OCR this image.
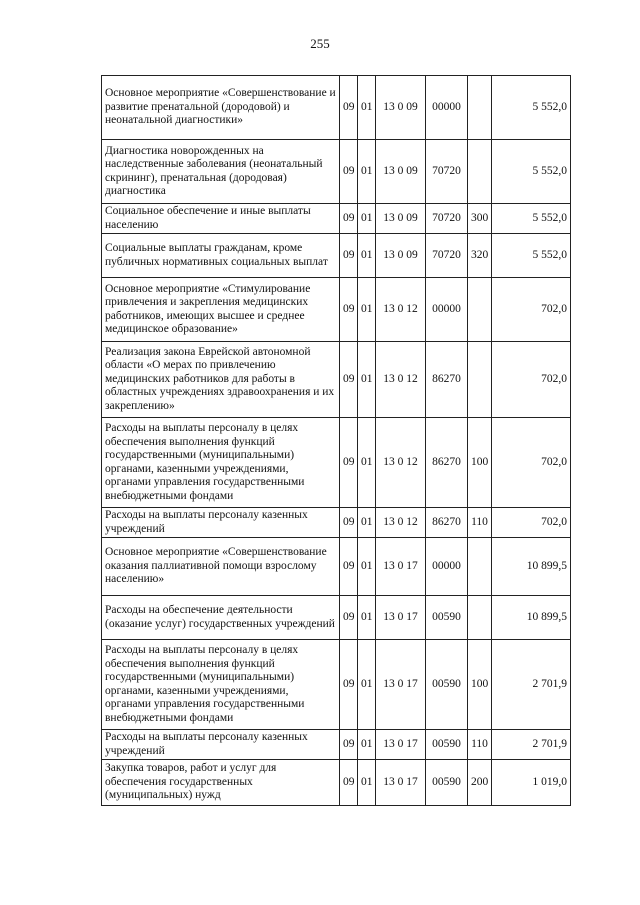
255
Основное мероприятие «Совершенствование и развитие пренатальной (дородовой) и неонатальной диагностики»	09	01	13 0 09	00000		5 552,0
Диагностика новорожденных на наследственные заболевания (неонатальный скрининг), пренатальная (дородовая) диагностика	09	01	13 0 09	70720		5 552,0
Социальное обеспечение и иные выплаты населению	09	01	13 0 09	70720	300	5 552,0
Социальные выплаты гражданам, кроме публичных нормативных социальных выплат	09	01	13 0 09	70720	320	5 552,0
Основное мероприятие «Стимулирование привлечения и закрепления медицинских работников, имеющих высшее и среднее медицинское образование»	09	01	13 0 12	00000		702,0
Реализация закона Еврейской автономной области «О мерах по привлечению медицинских работников для работы в областных учреждениях здравоохранения и их закреплению»	09	01	13 0 12	86270		702,0
Расходы на выплаты персоналу в целях обеспечения выполнения функций государственными (муниципальными) органами, казенными учреждениями, органами управления государственными внебюджетными фондами	09	01	13 0 12	86270	100	702,0
Расходы на выплаты персоналу казенных учреждений	09	01	13 0 12	86270	110	702,0
Основное мероприятие «Совершенствование оказания паллиативной помощи взрослому населению»	09	01	13 0 17	00000		10 899,5
Расходы на обеспечение деятельности (оказание услуг) государственных учреждений	09	01	13 0 17	00590		10 899,5
Расходы на выплаты персоналу в целях обеспечения выполнения функций государственными (муниципальными) органами, казенными учреждениями, органами управления государственными внебюджетными фондами	09	01	13 0 17	00590	100	2 701,9
Расходы на выплаты персоналу казенных учреждений	09	01	13 0 17	00590	110	2 701,9
Закупка товаров, работ и услуг для обеспечения государственных (муниципальных) нужд	09	01	13 0 17	00590	200	1 019,0
